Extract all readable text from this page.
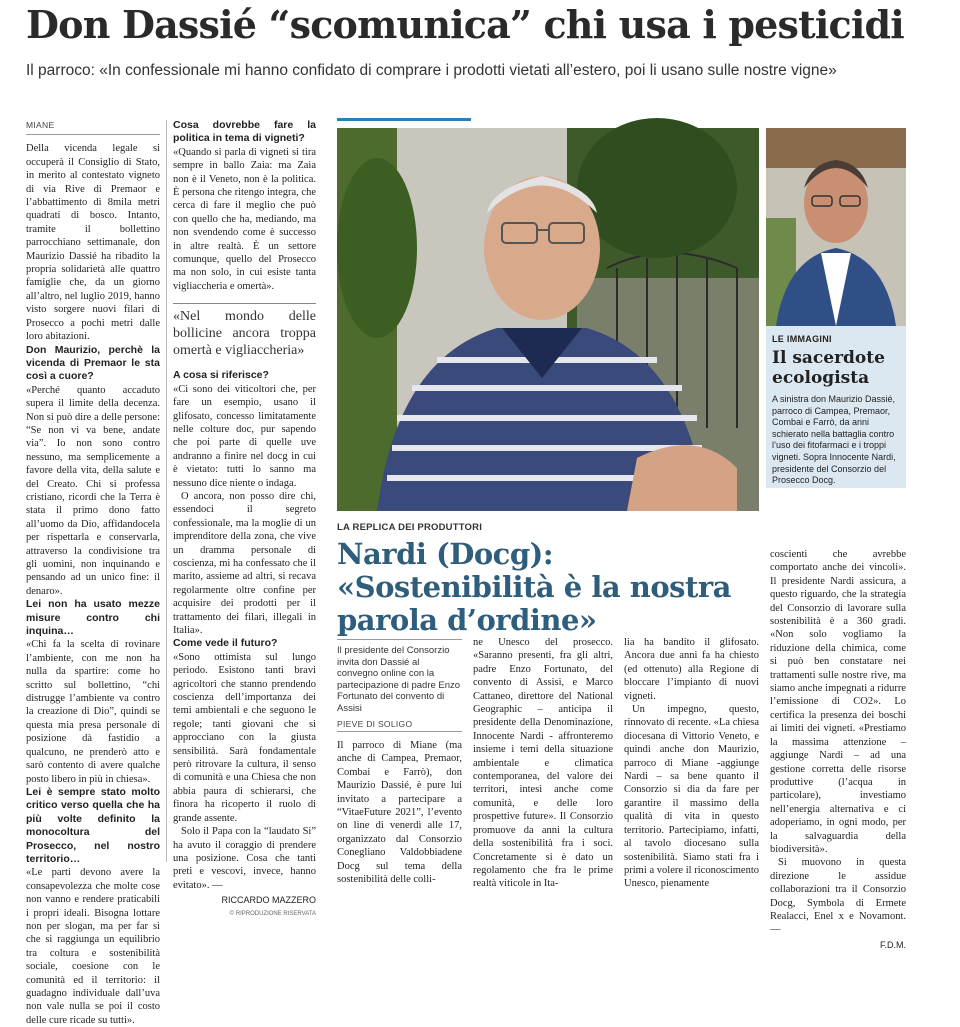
Don Dassié “scomunica” chi usa i pesticidi

Il parroco: «In confessionale mi hanno confidato di comprare i prodotti vietati all’estero, poi li usano sulle nostre vigne»

MIANE

Della vicenda legale si occuperà il Consiglio di Stato, in merito al contestato vigneto di via Rive di Premaor e l’abbattimento di 8mila metri quadrati di bosco. Intanto, tramite il bollettino parrocchiano settimanale, don Maurizio Dassié ha ribadito la propria solidarietà alle quattro famiglie che, da un giorno all’altro, nel luglio 2019, hanno visto sorgere nuovi filari di Prosecco a pochi metri dalle loro abitazioni.

Don Maurizio, perchè la vicenda di Premaor le sta così a cuore?

«Perché quanto accaduto supera il limite della decenza. Non si può dire a delle persone: “Se non vi va bene, andate via”. Io non sono contro nessuno, ma semplicemente a favore della vita, della salute e del Creato. Chi si professa cristiano, ricordi che la Terra è stata il primo dono fatto all’uomo da Dio, affidandocela per rispettarla e conservarla, attraverso la condivisione tra gli uomini, non inquinando e pensando ad un unico fine: il denaro».

Lei non ha usato mezze misure contro chi inquina…

«Chi fa la scelta di rovinare l’ambiente, con me non ha nulla da spartire: come ho scritto sul bollettino, “chi distrugge l’ambiente va contro la creazione di Dio”, quindi se questa mia presa personale di posizione dà fastidio a qualcuno, ne prenderò atto e sarò contento di avere qualche posto libero in più in chiesa».

Lei è sempre stato molto critico verso quella che ha più volte definito la monocoltura del Prosecco, nel nostro territorio…

«Le parti devono avere la consapevolezza che molte cose non vanno e rendere praticabili i propri ideali. Bisogna lottare non per slogan, ma per far sì che si raggiunga un equilibrio tra coltura e sostenibilità sociale, coesione con le comunità ed il territorio: il guadagno individuale dall’uva non vale nulla se poi il costo delle cure ricade su tutti».

Cosa dovrebbe fare la politica in tema di vigneti?

«Quando si parla di vigneti si tira sempre in ballo Zaia: ma Zaia non è il Veneto, non è la politica. È persona che ritengo integra, che cerca di fare il meglio che può con quello che ha, mediando, ma non svendendo come è successo in altre realtà. È un settore comunque, quello del Prosecco ma non solo, in cui esiste tanta vigliaccheria e omertà».

«Nel mondo delle bollicine ancora troppa omertà e vigliaccheria»

A cosa si riferisce?

«Ci sono dei viticoltori che, per fare un esempio, usano il glifosato, concesso limitatamente nelle colture doc, pur sapendo che poi parte di quelle uve andranno a finire nel docg in cui è vietato: tutti lo sanno ma nessuno dice niente o indaga.

O ancora, non posso dire chi, essendoci il segreto confessionale, ma la moglie di un imprenditore della zona, che vive un dramma personale di coscienza, mi ha confessato che il marito, assieme ad altri, si recava regolarmente oltre confine per acquisire dei prodotti per il trattamento dei filari, illegali in Italia».

Come vede il futuro?

«Sono ottimista sul lungo periodo. Esistono tanti bravi agricoltori che stanno prendendo coscienza dell’importanza dei temi ambientali e che seguono le regole; tanti giovani che si approcciano con la giusta sensibilità. Sarà fondamentale però ritrovare la cultura, il senso di comunità e una Chiesa che non abbia paura di schierarsi, che finora ha ricoperto il ruolo di grande assente.

Solo il Papa con la “laudato Si” ha avuto il coraggio di prendere una posizione. Cosa che tanti preti e vescovi, invece, hanno evitato». —

RICCARDO MAZZERO
© RIPRODUZIONE RISERVATA
LE IMMAGINI
Il sacerdote ecologista
A sinistra don Maurizio Dassié, parroco di Campea, Premaor, Combai e Farrò, da anni schierato nella battaglia contro l’uso dei fitofarmaci e i troppi vigneti. Sopra Innocente Nardi, presidente del Consorzio del Prosecco Docg.
LA REPLICA DEI PRODUTTORI
Nardi (Docg): «Sostenibilità è la nostra parola d’ordine»
Il presidente del Consorzio invita don Dassié al convegno online con la partecipazione di padre Enzo Fortunato del convento di Assisi
PIEVE DI SOLIGO

Il parroco di Miane (ma anche di Campea, Premaor, Combai e Farrò), don Maurizio Dassié, è pure lui invitato a partecipare a “VitaeFuture 2021”, l’evento on line di venerdì alle 17, organizzato dal Consorzio Conegliano Valdobbiadene Docg sul tema della sostenibilità delle colli-

ne Unesco del prosecco. «Saranno presenti, fra gli altri, padre Enzo Fortunato, del convento di Assisi, e Marco Cattaneo, direttore del National Geographic – anticipa il presidente della Denominazione, Innocente Nardi - affronteremo insieme i temi della situazione ambientale e climatica contemporanea, del valore dei territori, intesi anche come comunità, e delle loro prospettive future». Il Consorzio promuove da anni la cultura della sostenibilità fra i soci. Concretamente si è dato un regolamento che fra le prime realtà viticole in Ita-

lia ha bandito il glifosato. Ancora due anni fa ha chiesto (ed ottenuto) alla Regione di bloccare l’impianto di nuovi vigneti.

Un impegno, questo, rinnovato di recente. «La chiesa diocesana di Vittorio Veneto, e quindi anche don Maurizio, parroco di Miane -aggiunge Nardi – sa bene quanto il Consorzio si dia da fare per garantire il massimo della qualità di vita in questo territorio. Partecipiamo, infatti, al tavolo diocesano sulla sostenibilità. Siamo stati fra i primi a volere il riconoscimento Unesco, pienamente

coscienti che avrebbe comportato anche dei vincoli». Il presidente Nardi assicura, a questo riguardo, che la strategia del Consorzio di lavorare sulla sostenibilità è a 360 gradi. «Non solo vogliamo la riduzione della chimica, come si può ben constatare nei trattamenti sulle nostre rive, ma siamo anche impegnati a ridurre l’emissione di CO2». Lo certifica la presenza dei boschi ai limiti dei vigneti. «Prestiamo la massima attenzione – aggiunge Nardi – ad una gestione corretta delle risorse produttive (l’acqua in particolare), investiamo nell’energia alternativa e ci adoperiamo, in ogni modo, per la salvaguardia della biodiversità».

Si muovono in questa direzione le assidue collaborazioni tra il Consorzio Docg, Symbola di Ermete Realacci, Enel x e Novamont. —

F.D.M.
